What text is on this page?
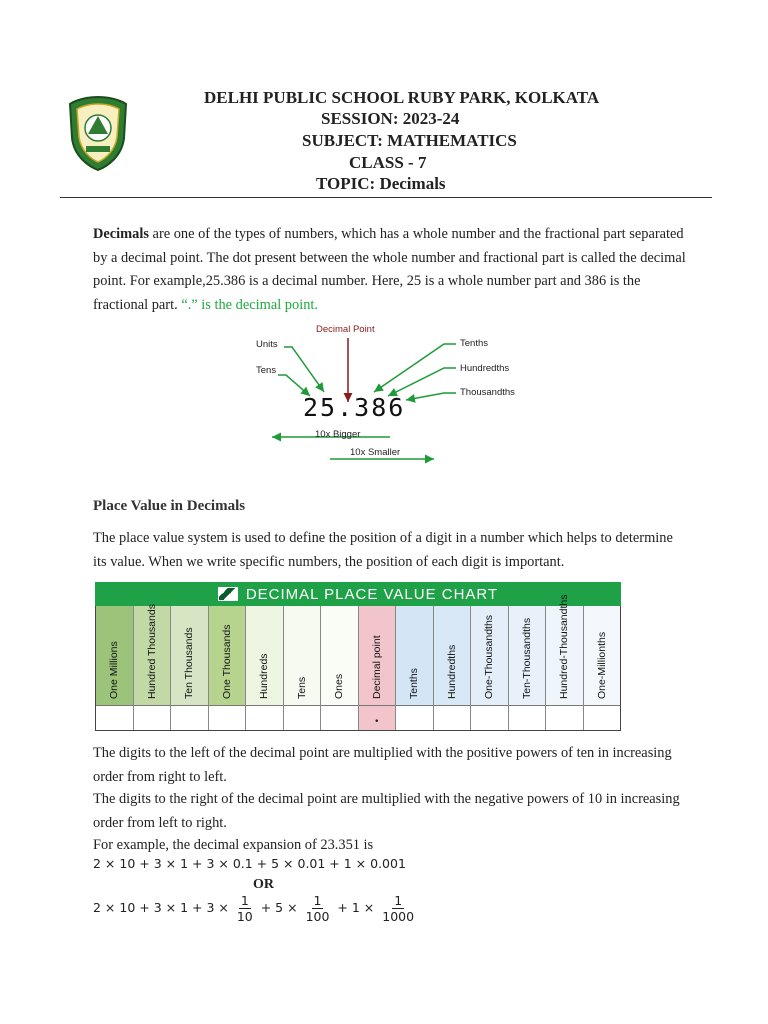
DELHI PUBLIC SCHOOL RUBY PARK, KOLKATA
SESSION: 2023-24
SUBJECT: MATHEMATICS
CLASS - 7
TOPIC: Decimals
Decimals are one of the types of numbers, which has a whole number and the fractional part separated by a decimal point. The dot present between the whole number and fractional part is called the decimal point. For example,25.386 is a decimal number. Here, 25 is a whole number part and 386 is the fractional part. “.” is the decimal point.
Decimal Point
Units
Tens
Tenths
Hundredths
Thousandths
25.386
10x Bigger
10x Smaller
Place Value in Decimals
The place value system is used to define the position of a digit in a number which helps to determine its value. When we write specific numbers, the position of each digit is important.
DECIMAL PLACE VALUE CHART
One Millions Hundred Thousands Ten Thousands One Thousands Hundreds Tens Ones Decimal point
.
Tenths Hundredths One-Thousandths Ten-Thousandths Hundred-Thousandths One-Millionths
The digits to the left of the decimal point are multiplied with the positive powers of ten in increasing order from right to left.
The digits to the right of the decimal point are multiplied with the negative powers of 10 in increasing order from left to right.
For example, the decimal expansion of 23.351 is
2 × 10 + 3 × 1 + 3 × 0.1 + 5 × 0.01 + 1 × 0.001
OR
$2 \times 10 + 3 \times 1 + 3 \times \frac{1}{10} + 5 \times \frac{1}{100} + 1 \times \frac{1}{1000}$
